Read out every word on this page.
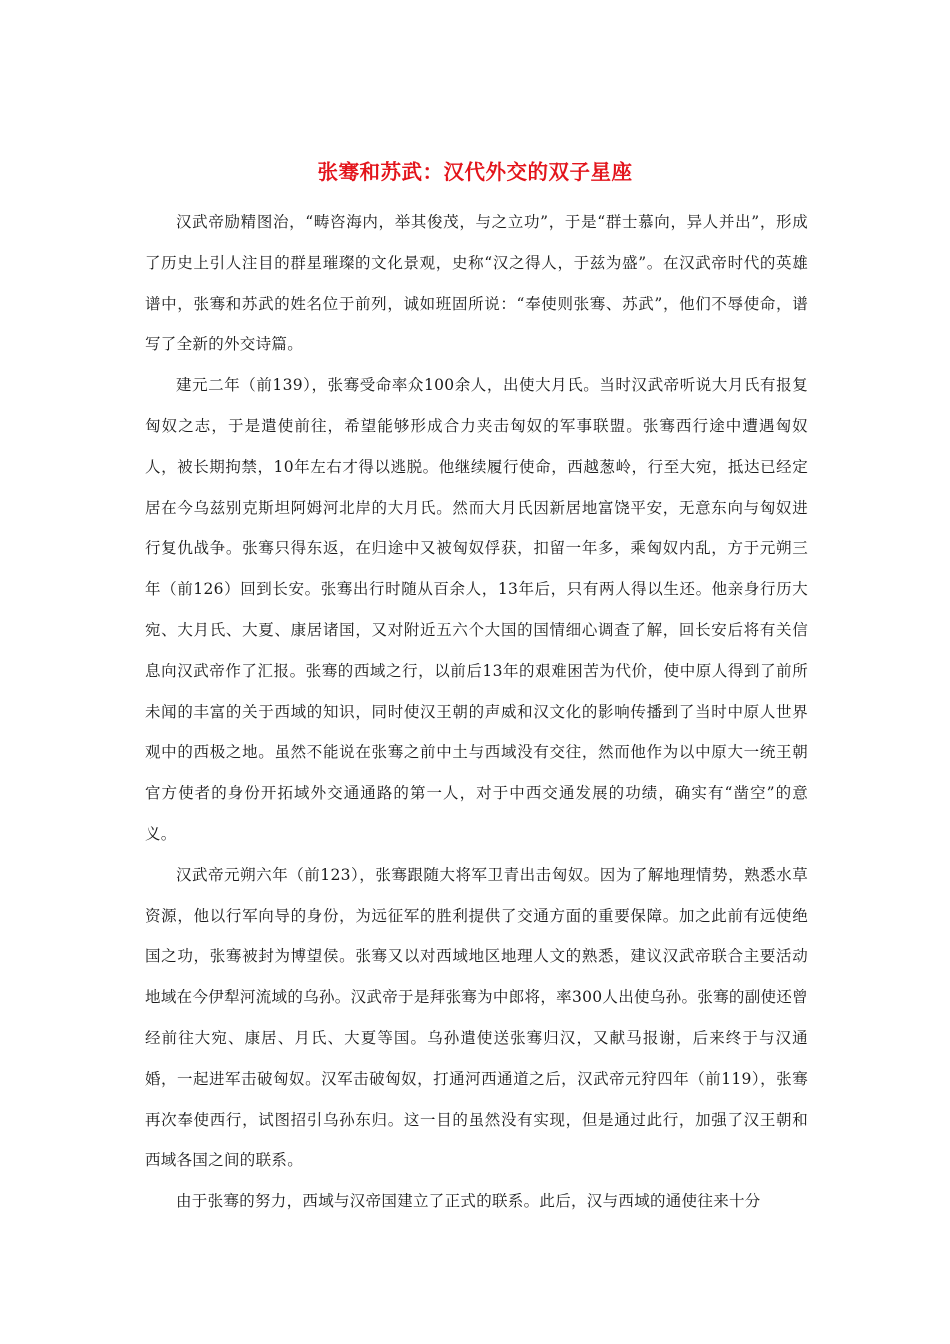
张骞和苏武：汉代外交的双子星座

汉武帝励精图治，“畴咨海内，举其俊茂，与之立功”，于是“群士慕向，异人并出”，形成了历史上引人注目的群星璀璨的文化景观，史称“汉之得人，于兹为盛”。在汉武帝时代的英雄谱中，张骞和苏武的姓名位于前列，诚如班固所说：“奉使则张骞、苏武”，他们不辱使命，谱写了全新的外交诗篇。

建元二年（前139），张骞受命率众100余人，出使大月氏。当时汉武帝听说大月氏有报复匈奴之志，于是遣使前往，希望能够形成合力夹击匈奴的军事联盟。张骞西行途中遭遇匈奴人，被长期拘禁，10年左右才得以逃脱。他继续履行使命，西越葱岭，行至大宛，抵达已经定居在今乌兹别克斯坦阿姆河北岸的大月氏。然而大月氏因新居地富饶平安，无意东向与匈奴进行复仇战争。张骞只得东返，在归途中又被匈奴俘获，扣留一年多，乘匈奴内乱，方于元朔三年（前126）回到长安。张骞出行时随从百余人，13年后，只有两人得以生还。他亲身行历大宛、大月氏、大夏、康居诸国，又对附近五六个大国的国情细心调查了解，回长安后将有关信息向汉武帝作了汇报。张骞的西域之行，以前后13年的艰难困苦为代价，使中原人得到了前所未闻的丰富的关于西域的知识，同时使汉王朝的声威和汉文化的影响传播到了当时中原人世界观中的西极之地。虽然不能说在张骞之前中土与西域没有交往，然而他作为以中原大一统王朝官方使者的身份开拓域外交通通路的第一人，对于中西交通发展的功绩，确实有“凿空”的意义。

汉武帝元朔六年（前123），张骞跟随大将军卫青出击匈奴。因为了解地理情势，熟悉水草资源，他以行军向导的身份，为远征军的胜利提供了交通方面的重要保障。加之此前有远使绝国之功，张骞被封为博望侯。张骞又以对西域地区地理人文的熟悉，建议汉武帝联合主要活动地域在今伊犁河流域的乌孙。汉武帝于是拜张骞为中郎将，率300人出使乌孙。张骞的副使还曾经前往大宛、康居、月氏、大夏等国。乌孙遣使送张骞归汉，又献马报谢，后来终于与汉通婚，一起进军击破匈奴。汉军击破匈奴，打通河西通道之后，汉武帝元狩四年（前119），张骞再次奉使西行，试图招引乌孙东归。这一目的虽然没有实现，但是通过此行，加强了汉王朝和西域各国之间的联系。

由于张骞的努力，西域与汉帝国建立了正式的联系。此后，汉与西域的通使往来十分
